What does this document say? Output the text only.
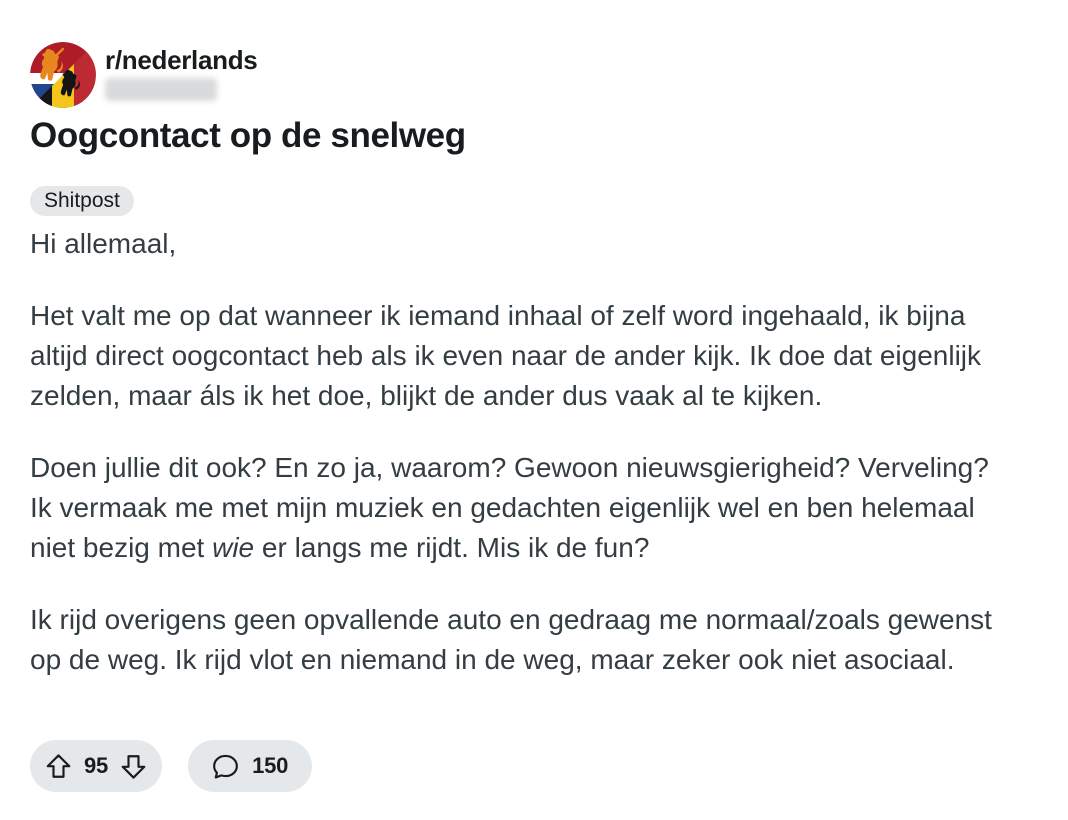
r/nederlands
Oogcontact op de snelweg
Shitpost

Hi allemaal,

Het valt me op dat wanneer ik iemand inhaal of zelf word ingehaald, ik bijna altijd direct oogcontact heb als ik even naar de ander kijk. Ik doe dat eigenlijk zelden, maar áls ik het doe, blijkt de ander dus vaak al te kijken.

Doen jullie dit ook? En zo ja, waarom? Gewoon nieuwsgierigheid? Verveling? Ik vermaak me met mijn muziek en gedachten eigenlijk wel en ben helemaal niet bezig met wie er langs me rijdt. Mis ik de fun?

Ik rijd overigens geen opvallende auto en gedraag me normaal/zoals gewenst op de weg. Ik rijd vlot en niemand in de weg, maar zeker ook niet asociaal.

95	150
